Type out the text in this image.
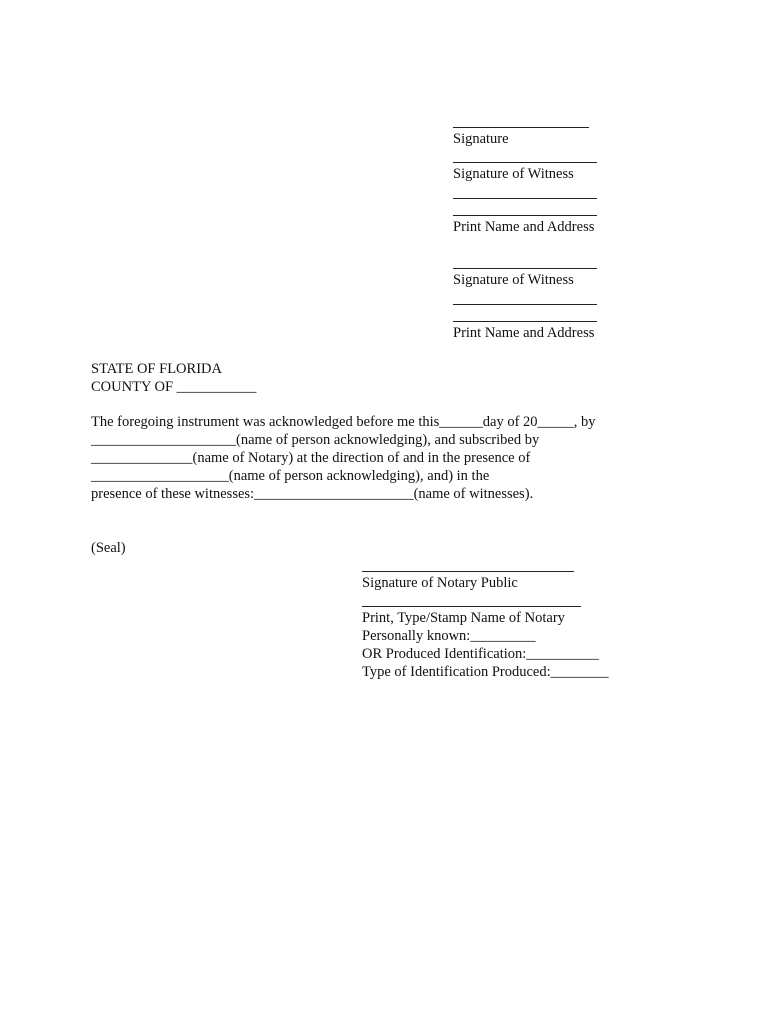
Signature
Signature of Witness
Print Name and Address
Signature of Witness
Print Name and Address
STATE OF FLORIDA
COUNTY OF ___________
The foregoing instrument was acknowledged before me this______day of 20_____, by
____________________(name of person acknowledging), and subscribed by
______________(name of Notary) at the direction of and in the presence of
___________________(name of person acknowledging), and) in the
presence of these witnesses:______________________(name of witnesses).
(Seal)
Signature of Notary Public
Print, Type/Stamp Name of Notary
Personally known:_________
OR Produced Identification:__________
Type of Identification Produced:________
